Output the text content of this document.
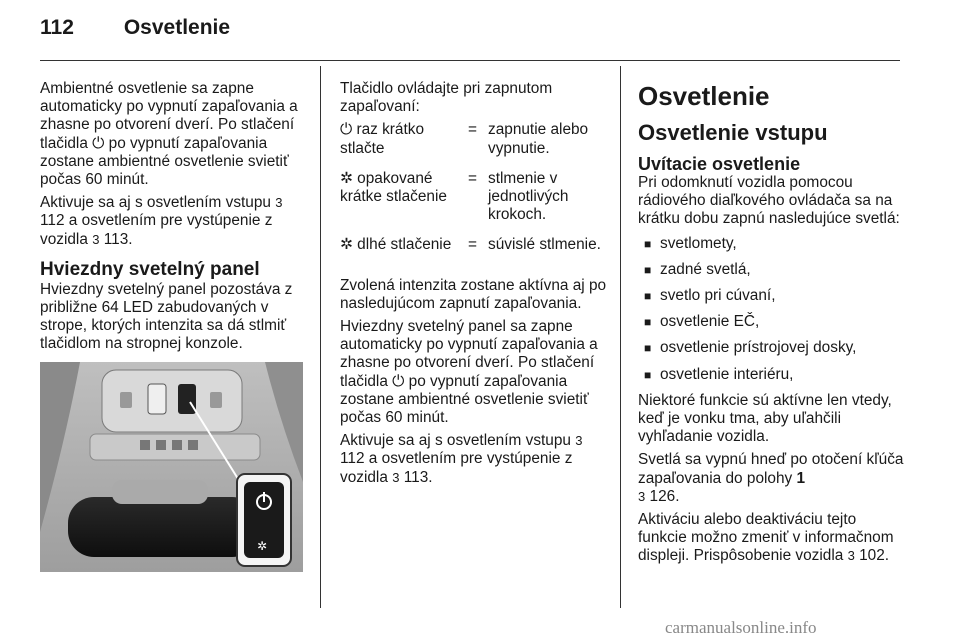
112 Osvetlenie

Ambientné osvetlenie sa zapne automaticky po vypnutí zapaľovania a zhasne po otvorení dverí. Po stlačení tlačidla ⏻ po vypnutí zapaľovania zostane ambientné osvetlenie svietiť počas 60 minút.

Aktivuje sa aj s osvetlením vstupu 3 112 a osvetlením pre vystúpenie z vozidla 3 113.

Hviezdny svetelný panel

Hviezdny svetelný panel pozostáva z približne 64 LED zabudovaných v strope, ktorých intenzita sa dá stlmiť tlačidlom na stropnej konzole.

✲

Tlačidlo ovládajte pri zapnutom zapaľovaní:

⏻ raz krátko stlačte	=	zapnutie alebo vypnutie.
✲ opakované krátke stlačenie	=	stlmenie v jednotlivých krokoch.
✲ dlhé stlačenie	=	súvislé stlmenie.

Zvolená intenzita zostane aktívna aj po nasledujúcom zapnutí zapaľovania.

Hviezdny svetelný panel sa zapne automaticky po vypnutí zapaľovania a zhasne po otvorení dverí. Po stlačení tlačidla ⏻ po vypnutí zapaľovania zostane ambientné osvetlenie svietiť počas 60 minút.

Aktivuje sa aj s osvetlením vstupu 3 112 a osvetlením pre vystúpenie z vozidla 3 113.

Osvetlenie
Osvetlenie vstupu
Uvítacie osvetlenie

Pri odomknutí vozidla pomocou rádiového diaľkového ovládača sa na krátku dobu zapnú nasledujúce svetlá:

■ svetlomety,
■ zadné svetlá,
■ svetlo pri cúvaní,
■ osvetlenie EČ,
■ osvetlenie prístrojovej dosky,
■ osvetlenie interiéru,

Niektoré funkcie sú aktívne len vtedy, keď je vonku tma, aby uľahčili vyhľadanie vozidla.

Svetlá sa vypnú hneď po otočení kľúča zapaľovania do polohy 1
3 126.

Aktiváciu alebo deaktiváciu tejto funkcie možno zmeniť v informačnom displeji. Prispôsobenie vozidla 3 102.

carmanualsonline.info
